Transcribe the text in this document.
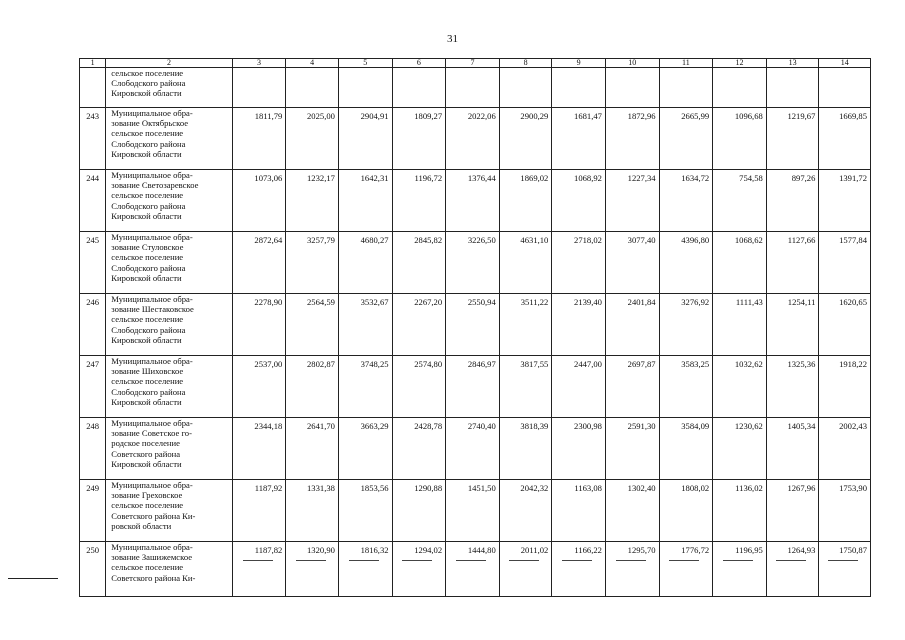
31
1	2	3	4	5	6	7	8	9	10	11	12	13	14
	сельское поселение
Слободского района
Кировской области												
243	Муниципальное обра-
зование Октябрьское
сельское поселение
Слободского района
Кировской области	1811,79	2025,00	2904,91	1809,27	2022,06	2900,29	1681,47	1872,96	2665,99	1096,68	1219,67	1669,85
244	Муниципальное обра-
зование Светозаревское
сельское поселение
Слободского района
Кировской области	1073,06	1232,17	1642,31	1196,72	1376,44	1869,02	1068,92	1227,34	1634,72	754,58	897,26	1391,72
245	Муниципальное обра-
зование Стуловское
сельское поселение
Слободского района
Кировской области	2872,64	3257,79	4680,27	2845,82	3226,50	4631,10	2718,02	3077,40	4396,80	1068,62	1127,66	1577,84
246	Муниципальное обра-
зование Шестаковское
сельское поселение
Слободского района
Кировской области	2278,90	2564,59	3532,67	2267,20	2550,94	3511,22	2139,40	2401,84	3276,92	1111,43	1254,11	1620,65
247	Муниципальное обра-
зование Шиховское
сельское поселение
Слободского района
Кировской области	2537,00	2802,87	3748,25	2574,80	2846,97	3817,55	2447,00	2697,87	3583,25	1032,62	1325,36	1918,22
248	Муниципальное обра-
зование Советское го-
родское поселение
Советского района
Кировской области	2344,18	2641,70	3663,29	2428,78	2740,40	3818,39	2300,98	2591,30	3584,09	1230,62	1405,34	2002,43
249	Муниципальное обра-
зование Греховское
сельское поселение
Советского района Ки-
ровской области	1187,92	1331,38	1853,56	1290,88	1451,50	2042,32	1163,08	1302,40	1808,02	1136,02	1267,96	1753,90
250	Муниципальное обра-
зование Зашижемское
сельское поселение
Советского района Ки-	1187,82	1320,90	1816,32	1294,02	1444,80	2011,02	1166,22	1295,70	1776,72	1196,95	1264,93	1750,87
